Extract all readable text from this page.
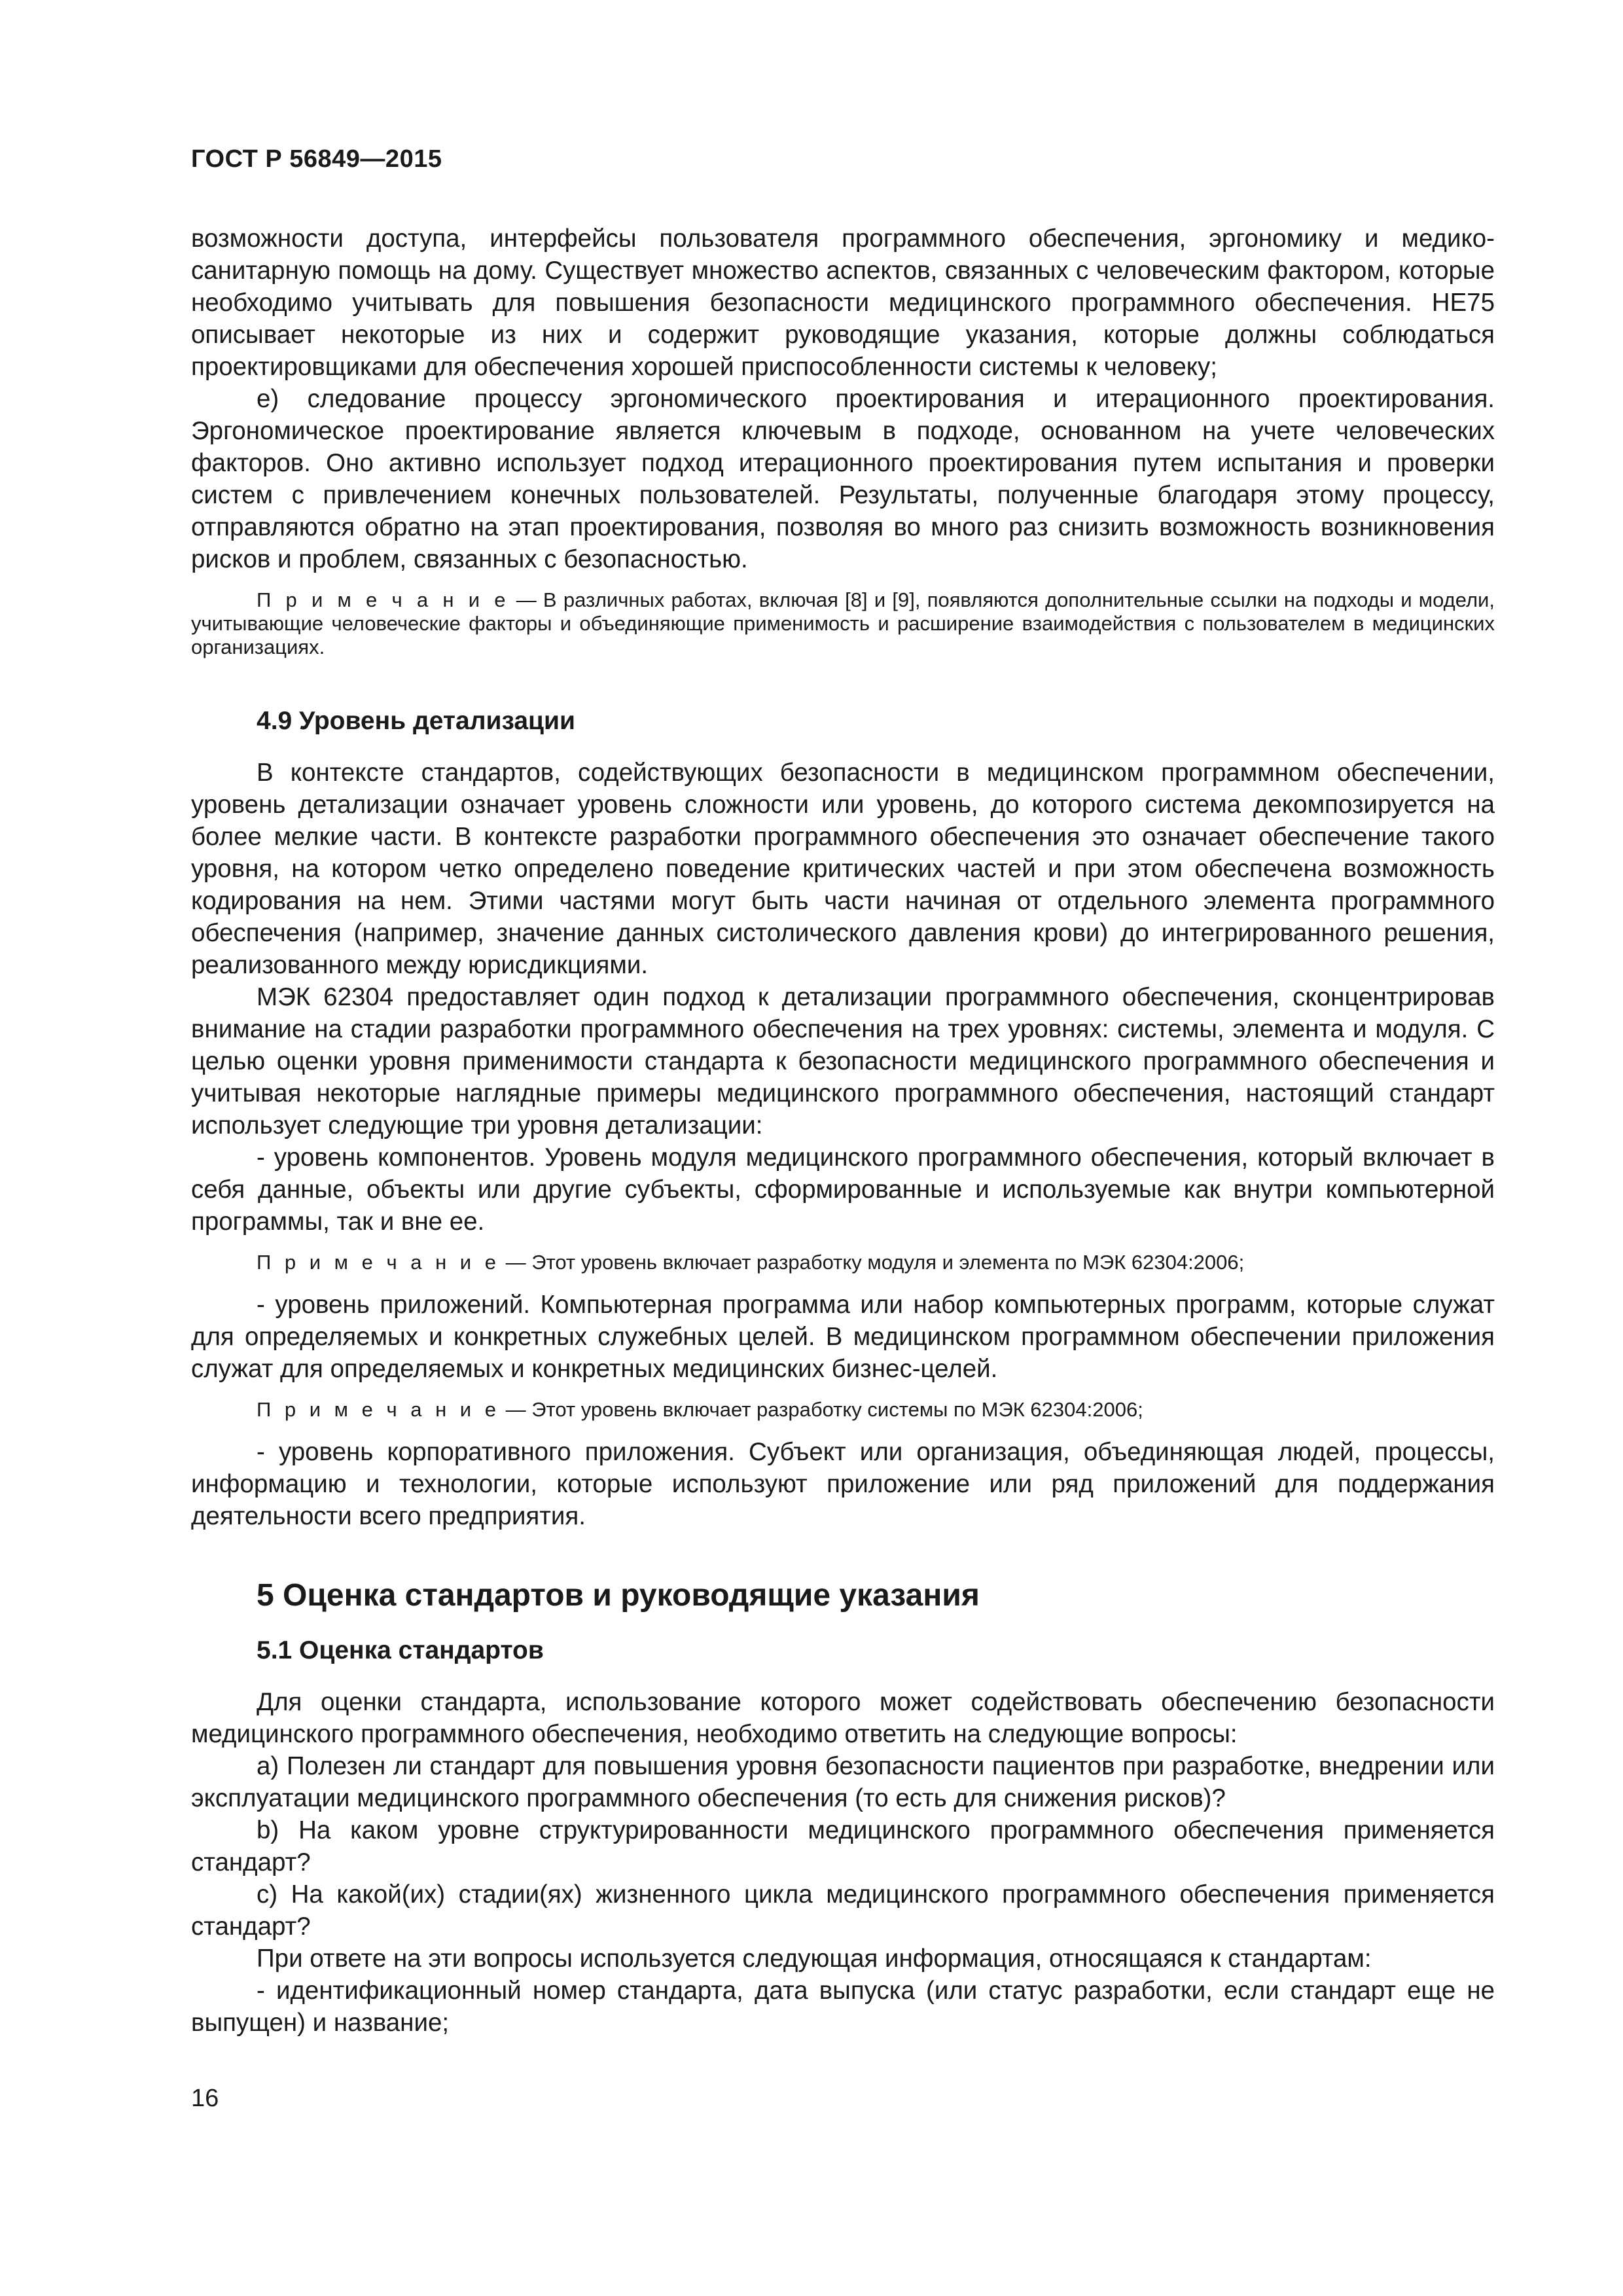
ГОСТ Р 56849—2015

возможности доступа, интерфейсы пользователя программного обеспечения, эргономику и медико-санитарную помощь на дому. Существует множество аспектов, связанных с человеческим фактором, которые необходимо учитывать для повышения безопасности медицинского программного обеспечения. НЕ75 описывает некоторые из них и содержит руководящие указания, которые должны соблюдаться проектировщиками для обеспечения хорошей приспособленности системы к человеку;

е) следование процессу эргономического проектирования и итерационного проектирования. Эргономическое проектирование является ключевым в подходе, основанном на учете человеческих факторов. Оно активно использует подход итерационного проектирования путем испытания и проверки систем с привлечением конечных пользователей. Результаты, полученные благодаря этому процессу, отправляются обратно на этап проектирования, позволяя во много раз снизить возможность возникновения рисков и проблем, связанных с безопасностью.

П р и м е ч а н и е — В различных работах, включая [8] и [9], появляются дополнительные ссылки на подходы и модели, учитывающие человеческие факторы и объединяющие применимость и расширение взаимодействия с пользователем в медицинских организациях.

4.9 Уровень детализации

В контексте стандартов, содействующих безопасности в медицинском программном обеспечении, уровень детализации означает уровень сложности или уровень, до которого система декомпозируется на более мелкие части. В контексте разработки программного обеспечения это означает обеспечение такого уровня, на котором четко определено поведение критических частей и при этом обеспечена возможность кодирования на нем. Этими частями могут быть части начиная от отдельного элемента программного обеспечения (например, значение данных систолического давления крови) до интегрированного решения, реализованного между юрисдикциями.

МЭК 62304 предоставляет один подход к детализации программного обеспечения, сконцентрировав внимание на стадии разработки программного обеспечения на трех уровнях: системы, элемента и модуля. С целью оценки уровня применимости стандарта к безопасности медицинского программного обеспечения и учитывая некоторые наглядные примеры медицинского программного обеспечения, настоящий стандарт использует следующие три уровня детализации:

- уровень компонентов. Уровень модуля медицинского программного обеспечения, который включает в себя данные, объекты или другие субъекты, сформированные и используемые как внутри компьютерной программы, так и вне ее.

П р и м е ч а н и е — Этот уровень включает разработку модуля и элемента по МЭК 62304:2006;

- уровень приложений. Компьютерная программа или набор компьютерных программ, которые служат для определяемых и конкретных служебных целей. В медицинском программном обеспечении приложения служат для определяемых и конкретных медицинских бизнес-целей.

П р и м е ч а н и е — Этот уровень включает разработку системы по МЭК 62304:2006;

- уровень корпоративного приложения. Субъект или организация, объединяющая людей, процессы, информацию и технологии, которые используют приложение или ряд приложений для поддержания деятельности всего предприятия.

5 Оценка стандартов и руководящие указания
5.1 Оценка стандартов

Для оценки стандарта, использование которого может содействовать обеспечению безопасности медицинского программного обеспечения, необходимо ответить на следующие вопросы:

а) Полезен ли стандарт для повышения уровня безопасности пациентов при разработке, внедрении или эксплуатации медицинского программного обеспечения (то есть для снижения рисков)?

b) На каком уровне структурированности медицинского программного обеспечения применяется стандарт?

с) На какой(их) стадии(ях) жизненного цикла медицинского программного обеспечения применяется стандарт?

При ответе на эти вопросы используется следующая информация, относящаяся к стандартам:

- идентификационный номер стандарта, дата выпуска (или статус разработки, если стандарт еще не выпущен) и название;

16
